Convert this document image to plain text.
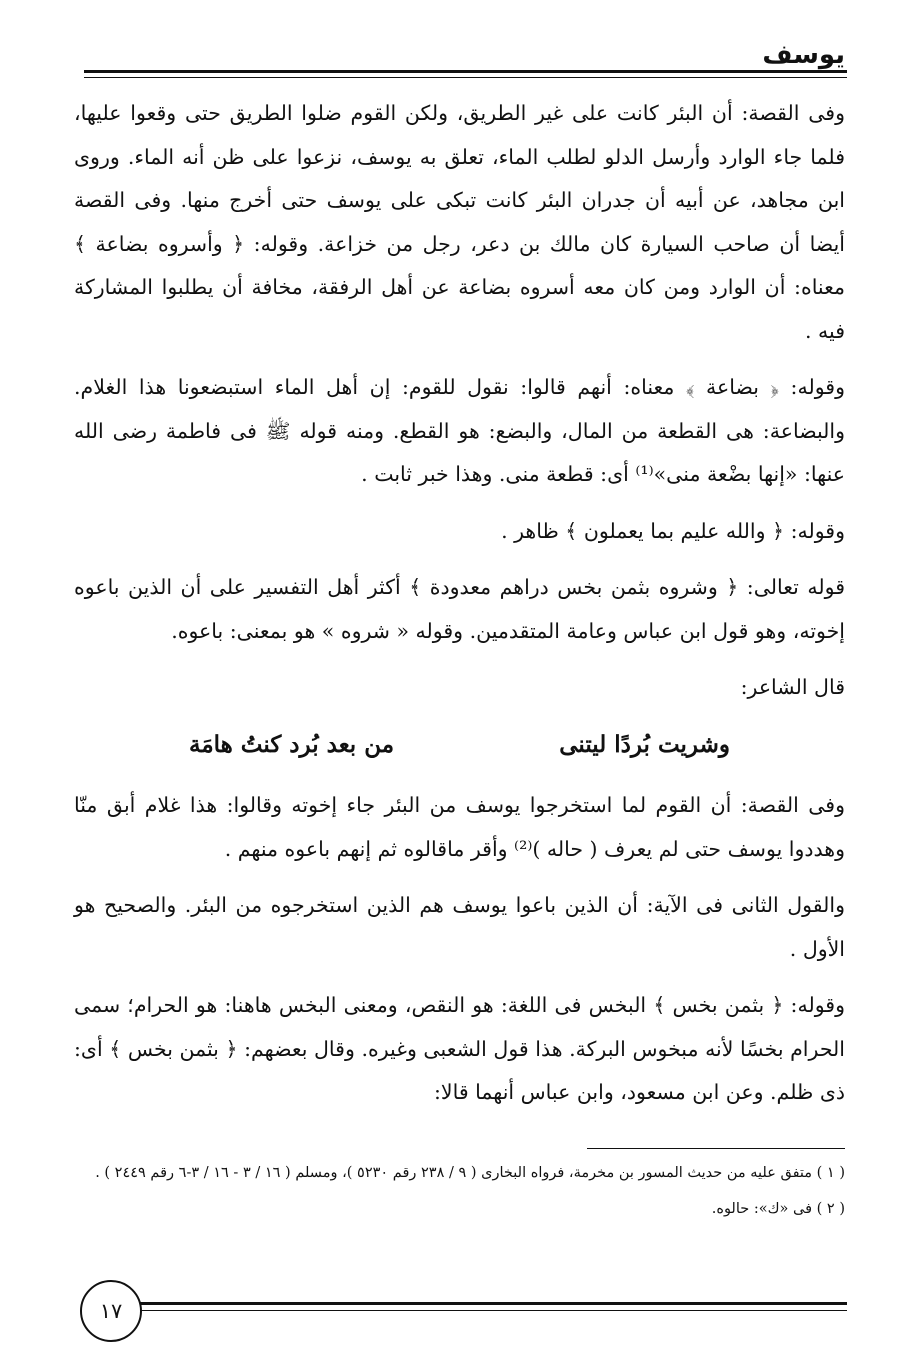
يوسف

وفى القصة: أن البئر كانت على غير الطريق، ولكن القوم ضلوا الطريق حتى وقعوا عليها، فلما جاء الوارد وأرسل الدلو لطلب الماء، تعلق به يوسف، نزعوا على ظن أنه الماء. وروى ابن مجاهد، عن أبيه أن جدران البئر كانت تبكى على يوسف حتى أخرج منها. وفى القصة أيضا أن صاحب السيارة كان مالك بن دعر، رجل من خزاعة. وقوله: ﴿ وأسروه بضاعة ﴾ معناه: أن الوارد ومن كان معه أسروه بضاعة عن أهل الرفقة، مخافة أن يطلبوا المشاركة فيه .

وقوله: ﴿ بضاعة ﴾ معناه: أنهم قالوا: نقول للقوم: إن أهل الماء استبضعونا هذا الغلام. والبضاعة: هى القطعة من المال، والبضع: هو القطع. ومنه قوله ﷺ فى فاطمة رضى الله عنها: «إنها بضْعة منى»⁽¹⁾ أى: قطعة منى. وهذا خبر ثابت .

وقوله: ﴿ والله عليم بما يعملون ﴾ ظاهر .

قوله تعالى: ﴿ وشروه بثمن بخس دراهم معدودة ﴾ أكثر أهل التفسير على أن الذين باعوه إخوته، وهو قول ابن عباس وعامة المتقدمين. وقوله « شروه » هو بمعنى: باعوه.

قال الشاعر:

وشريت بُردًا ليتنى
من بعد بُرد كنتُ هامَة

وفى القصة: أن القوم لما استخرجوا يوسف من البئر جاء إخوته وقالوا: هذا غلام أبق منّا وهددوا يوسف حتى لم يعرف ( حاله )⁽²⁾ وأقر ماقالوه ثم إنهم باعوه منهم .

والقول الثانى فى الآية: أن الذين باعوا يوسف هم الذين استخرجوه من البئر. والصحيح هو الأول .

وقوله: ﴿ بثمن بخس ﴾ البخس فى اللغة: هو النقص، ومعنى البخس هاهنا: هو الحرام؛ سمى الحرام بخسًا لأنه مبخوس البركة. هذا قول الشعبى وغيره. وقال بعضهم: ﴿ بثمن بخس ﴾ أى: ذى ظلم. وعن ابن مسعود، وابن عباس أنهما قالا:

( ١ ) متفق عليه من حديث المسور بن مخرمة، فرواه البخارى ( ٩ / ٢٣٨ رقم ٥٢٣٠ )، ومسلم ( ١٦ / ٣ - ١٦ / ٣-٦ رقم ٢٤٤٩ ) .

( ٢ ) فى «ك»: حالوه.

١٧
